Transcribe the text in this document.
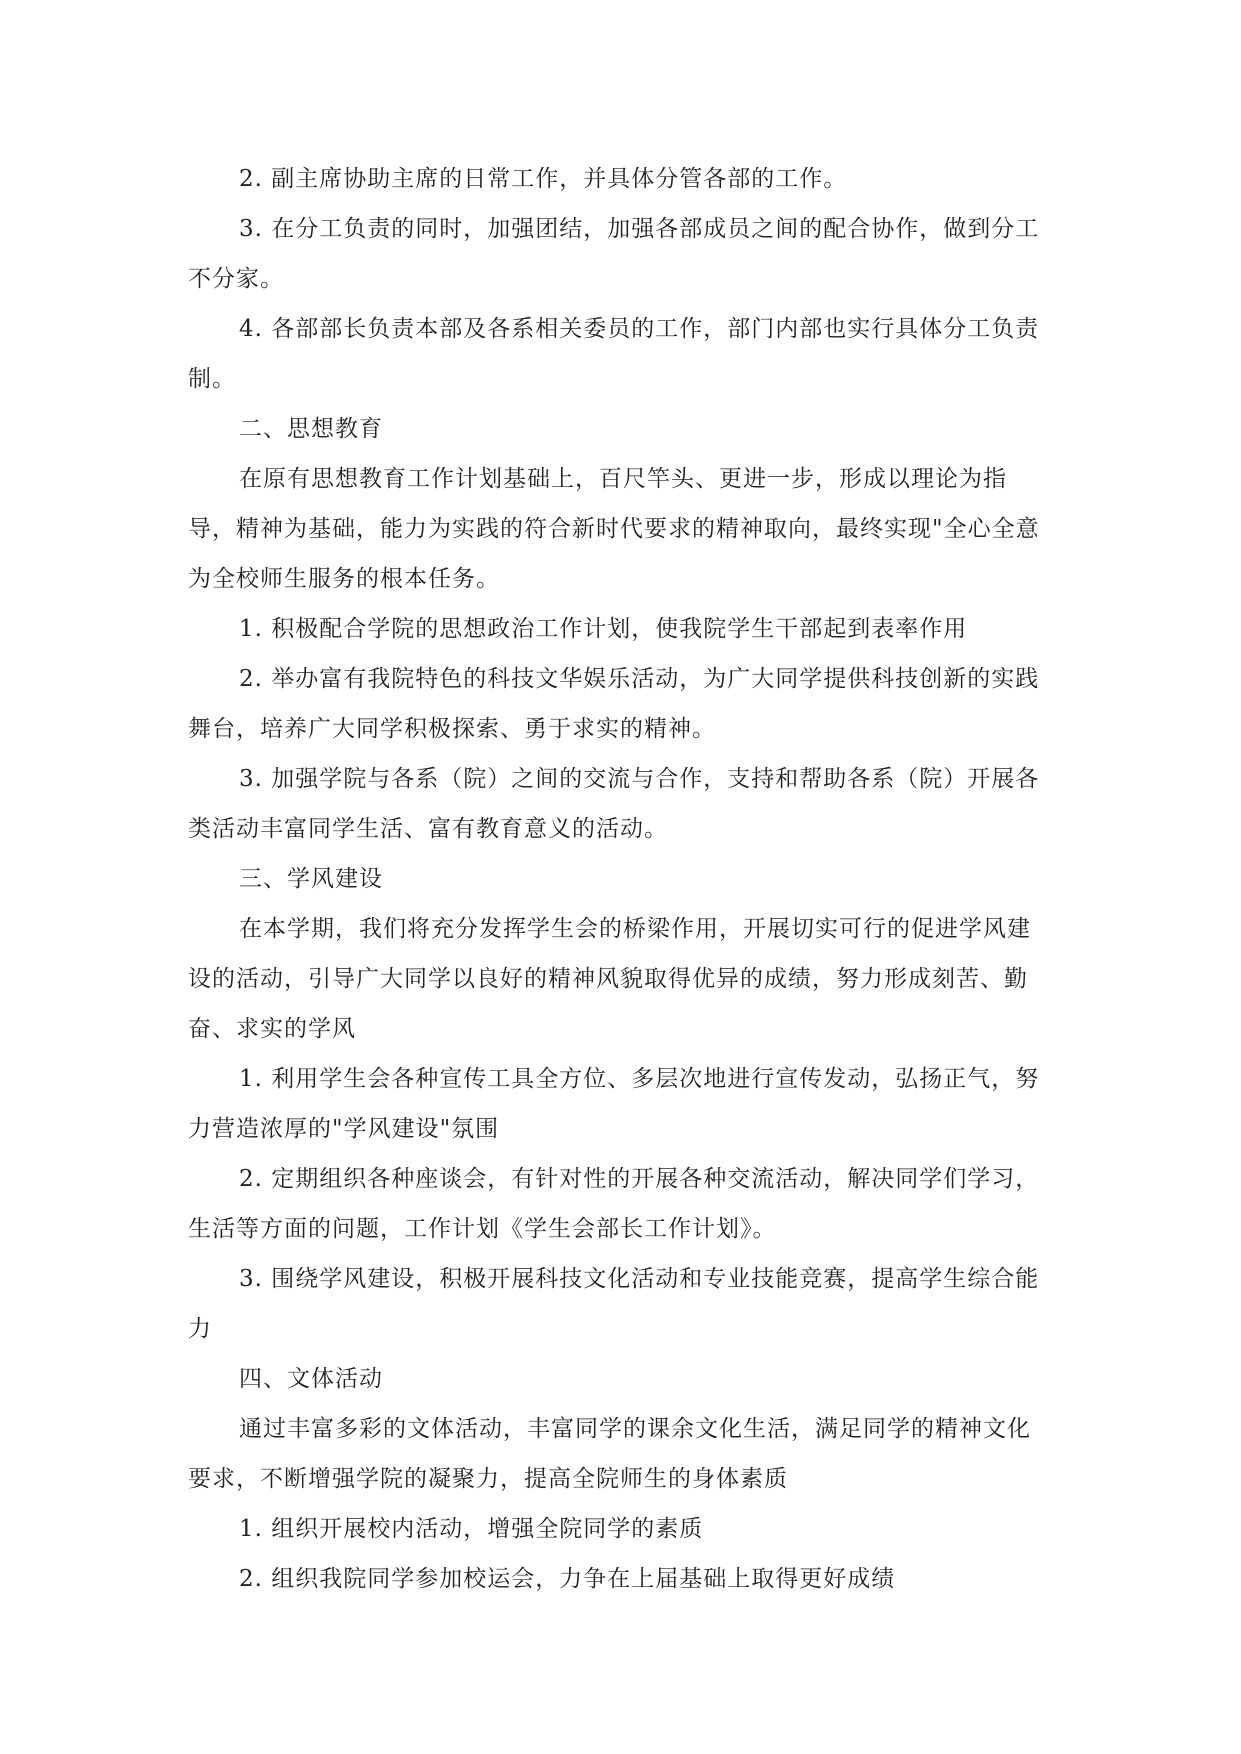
2. 副主席协助主席的日常工作，并具体分管各部的工作。

3. 在分工负责的同时，加强团结，加强各部成员之间的配合协作，做到分工不分家。

4. 各部部长负责本部及各系相关委员的工作，部门内部也实行具体分工负责制。

二、思想教育

在原有思想教育工作计划基础上，百尺竿头、更进一步，形成以理论为指导，精神为基础，能力为实践的符合新时代要求的精神取向，最终实现"全心全意为全校师生服务的根本任务。

1. 积极配合学院的思想政治工作计划，使我院学生干部起到表率作用

2. 举办富有我院特色的科技文华娱乐活动，为广大同学提供科技创新的实践舞台，培养广大同学积极探索、勇于求实的精神。

3. 加强学院与各系（院）之间的交流与合作，支持和帮助各系（院）开展各类活动丰富同学生活、富有教育意义的活动。

三、学风建设

在本学期，我们将充分发挥学生会的桥梁作用，开展切实可行的促进学风建设的活动，引导广大同学以良好的精神风貌取得优异的成绩，努力形成刻苦、勤奋、求实的学风

1. 利用学生会各种宣传工具全方位、多层次地进行宣传发动，弘扬正气，努力营造浓厚的"学风建设"氛围

2. 定期组织各种座谈会，有针对性的开展各种交流活动，解决同学们学习，生活等方面的问题，工作计划《学生会部长工作计划》。

3. 围绕学风建设，积极开展科技文化活动和专业技能竞赛，提高学生综合能力

四、文体活动

通过丰富多彩的文体活动，丰富同学的课余文化生活，满足同学的精神文化要求，不断增强学院的凝聚力，提高全院师生的身体素质

1. 组织开展校内活动，增强全院同学的素质

2. 组织我院同学参加校运会，力争在上届基础上取得更好成绩
